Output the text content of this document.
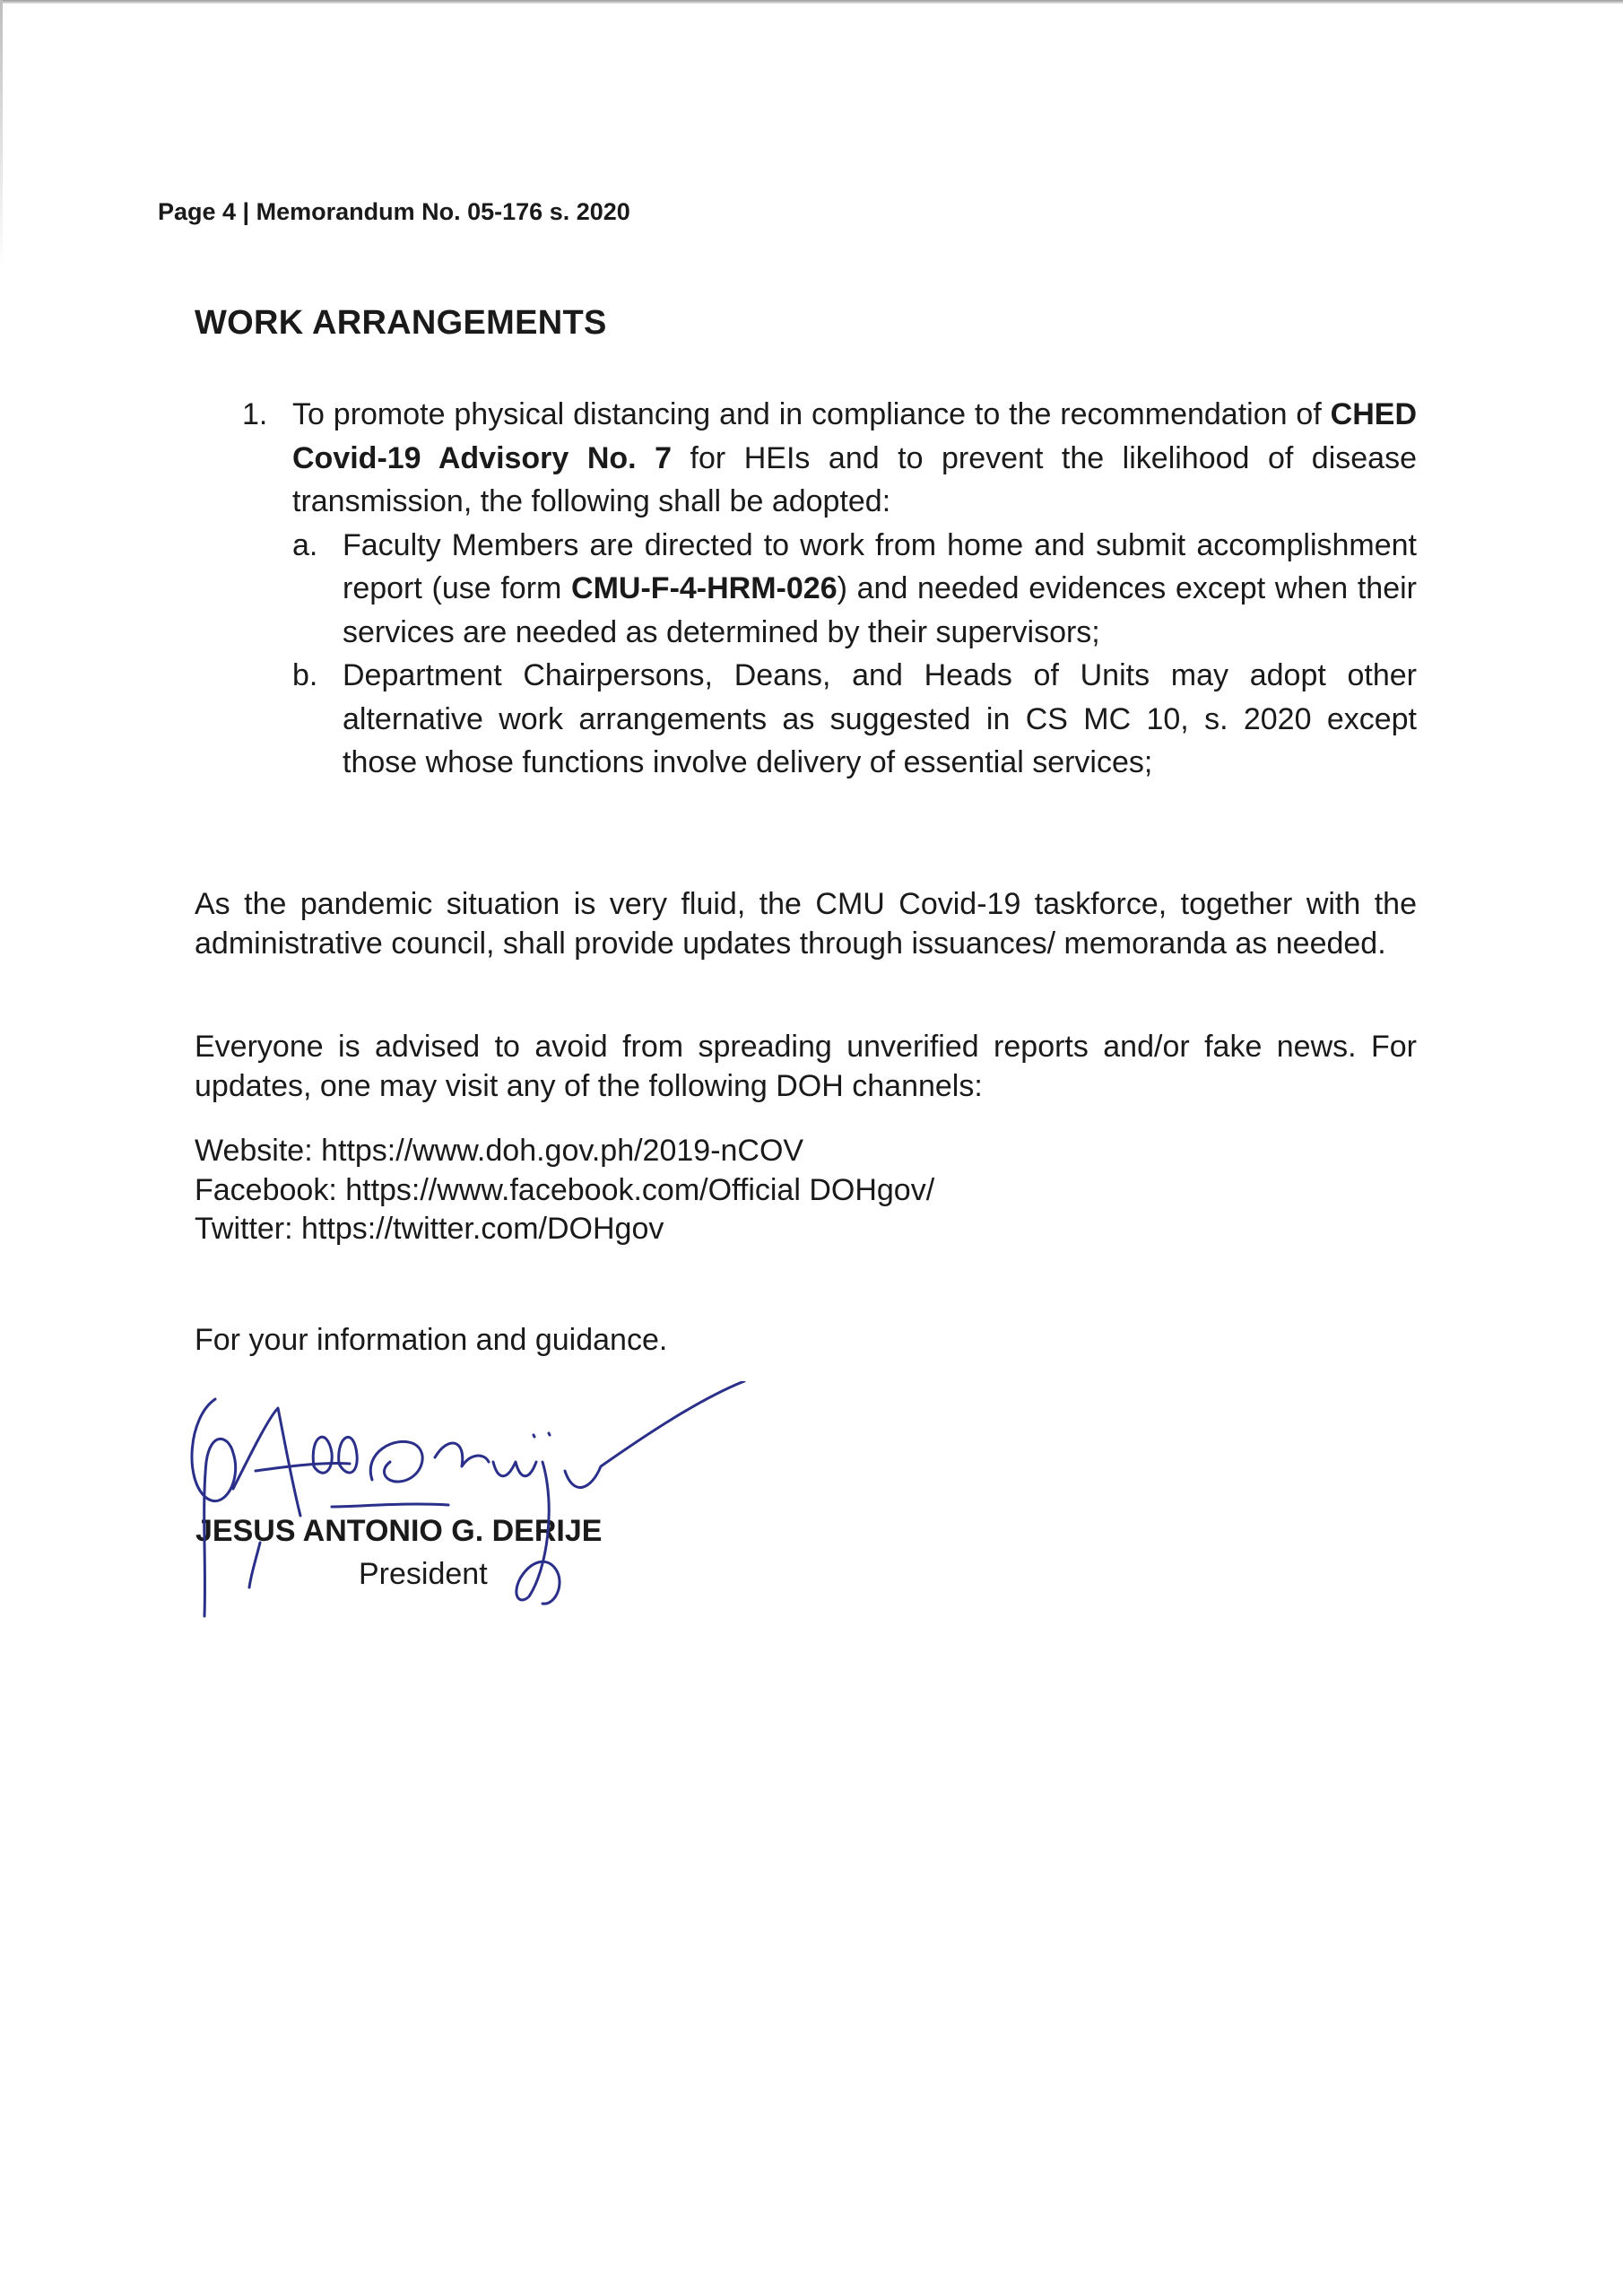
Page 4 | Memorandum No. 05-176 s. 2020
WORK ARRANGEMENTS
1. To promote physical distancing and in compliance to the recommendation of CHED Covid-19 Advisory No. 7 for HEIs and to prevent the likelihood of disease transmission, the following shall be adopted:

a. Faculty Members are directed to work from home and submit accomplishment report (use form CMU-F-4-HRM-026) and needed evidences except when their services are needed as determined by their supervisors;

b. Department Chairpersons, Deans, and Heads of Units may adopt other alternative work arrangements as suggested in CS MC 10, s. 2020 except those whose functions involve delivery of essential services;

As the pandemic situation is very fluid, the CMU Covid-19 taskforce, together with the administrative council, shall provide updates through issuances/ memoranda as needed.

Everyone is advised to avoid from spreading unverified reports and/or fake news. For updates, one may visit any of the following DOH channels:

Website: https://www.doh.gov.ph/2019-nCOV
Facebook: https://www.facebook.com/Official DOHgov/
Twitter: https://twitter.com/DOHgov

For your information and guidance.

JESUS ANTONIO G. DERIJE
President
